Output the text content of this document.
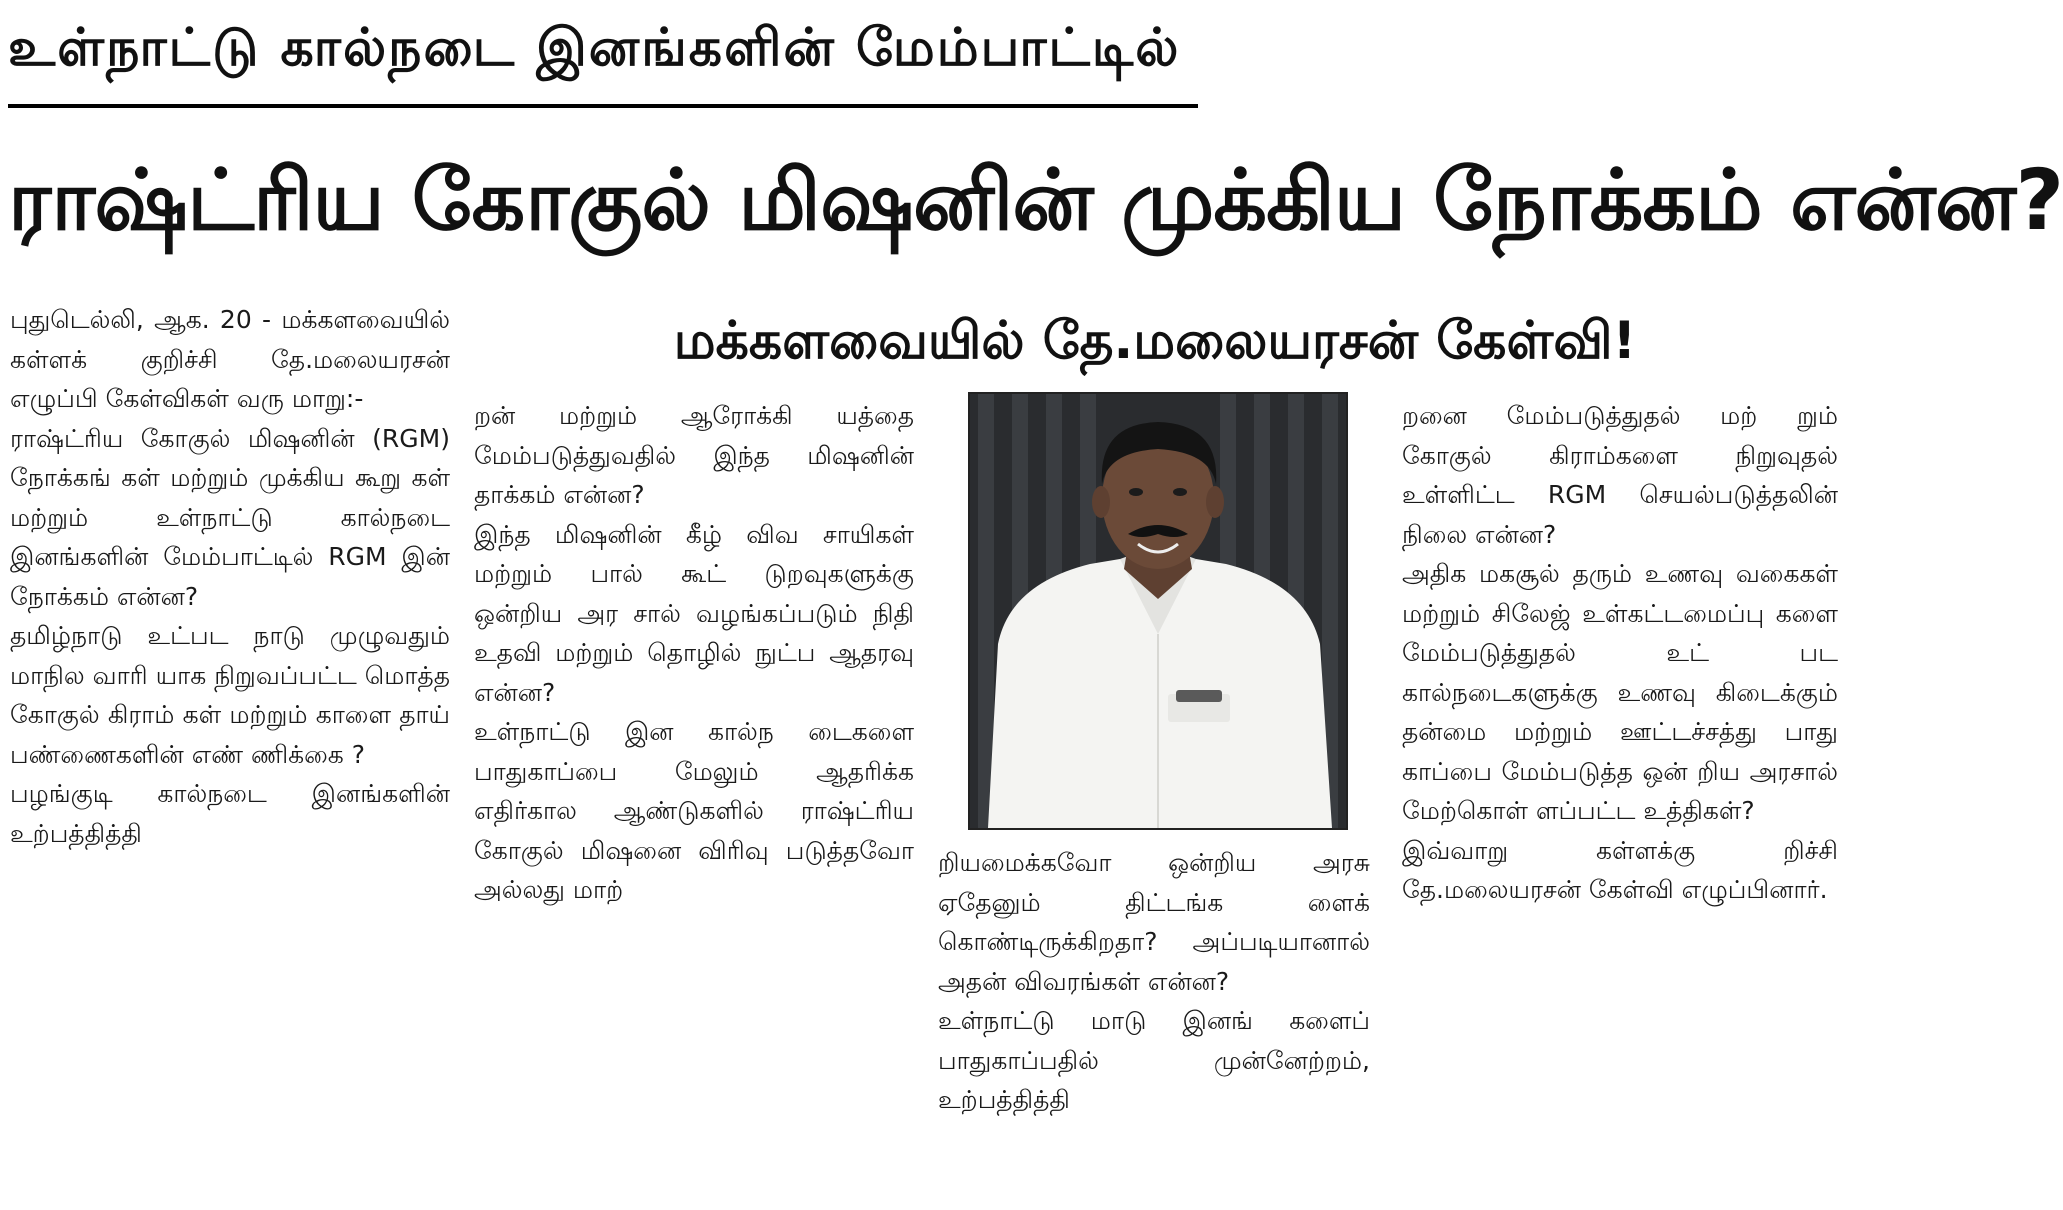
உள்நாட்டு கால்நடை இனங்களின் மேம்பாட்டில்
ராஷ்ட்ரிய கோகுல் மிஷனின் முக்கிய நோக்கம் என்ன?
மக்களவையில் தே.மலையரசன் கேள்வி!

புதுடெல்லி, ஆக. 20 - மக்களவையில் கள்ளக் குறிச்சி தே.மலையரசன் எழுப்பி கேள்விகள் வரு மாறு:-

ராஷ்ட்ரிய கோகுல் மிஷனின் (RGM) நோக்கங் கள் மற்றும் முக்கிய கூறு கள் மற்றும் உள்நாட்டு கால்நடை இனங்களின் மேம்பாட்டில் RGM இன் நோக்கம் என்ன?

தமிழ்நாடு உட்பட நாடு முழுவதும் மாநில வாரி யாக நிறுவப்பட்ட மொத்த கோகுல் கிராம் கள் மற்றும் காளை தாய் பண்ணைகளின் எண் ணிக்கை ?

பழங்குடி கால்நடை இனங்களின் உற்பத்தித்தி

றன் மற்றும் ஆரோக்கி யத்தை மேம்படுத்துவதில் இந்த மிஷனின் தாக்கம் என்ன?

இந்த மிஷனின் கீழ் விவ சாயிகள் மற்றும் பால் கூட் டுறவுகளுக்கு ஒன்றிய அர சால் வழங்கப்படும் நிதி உதவி மற்றும் தொழில் நுட்ப ஆதரவு என்ன?

உள்நாட்டு இன கால்ந டைகளை பாதுகாப்பை மேலும் ஆதரிக்க எதிர்கால ஆண்டுகளில் ராஷ்ட்ரிய கோகுல் மிஷனை விரிவு படுத்தவோ அல்லது மாற்

றியமைக்கவோ ஒன்றிய அரசு ஏதேனும் திட்டங்க ளைக் கொண்டிருக்கிறதா? அப்படியானால் அதன் விவரங்கள் என்ன?

உள்நாட்டு மாடு இனங் களைப் பாதுகாப்பதில் முன்னேற்றம், உற்பத்தித்தி

றனை மேம்படுத்துதல் மற் றும் கோகுல் கிராம்களை நிறுவுதல் உள்ளிட்ட RGM செயல்படுத்தலின் நிலை என்ன?

அதிக மகசூல் தரும் உணவு வகைகள் மற்றும் சிலேஜ் உள்கட்டமைப்பு களை மேம்படுத்துதல் உட் பட கால்நடைகளுக்கு உணவு கிடைக்கும் தன்மை மற்றும் ஊட்டச்சத்து பாது காப்பை மேம்படுத்த ஒன் றிய அரசால் மேற்கொள் ளப்பட்ட உத்திகள்?

இவ்வாறு கள்ளக்கு றிச்சி தே.மலையரசன் கேள்வி எழுப்பினார்.
